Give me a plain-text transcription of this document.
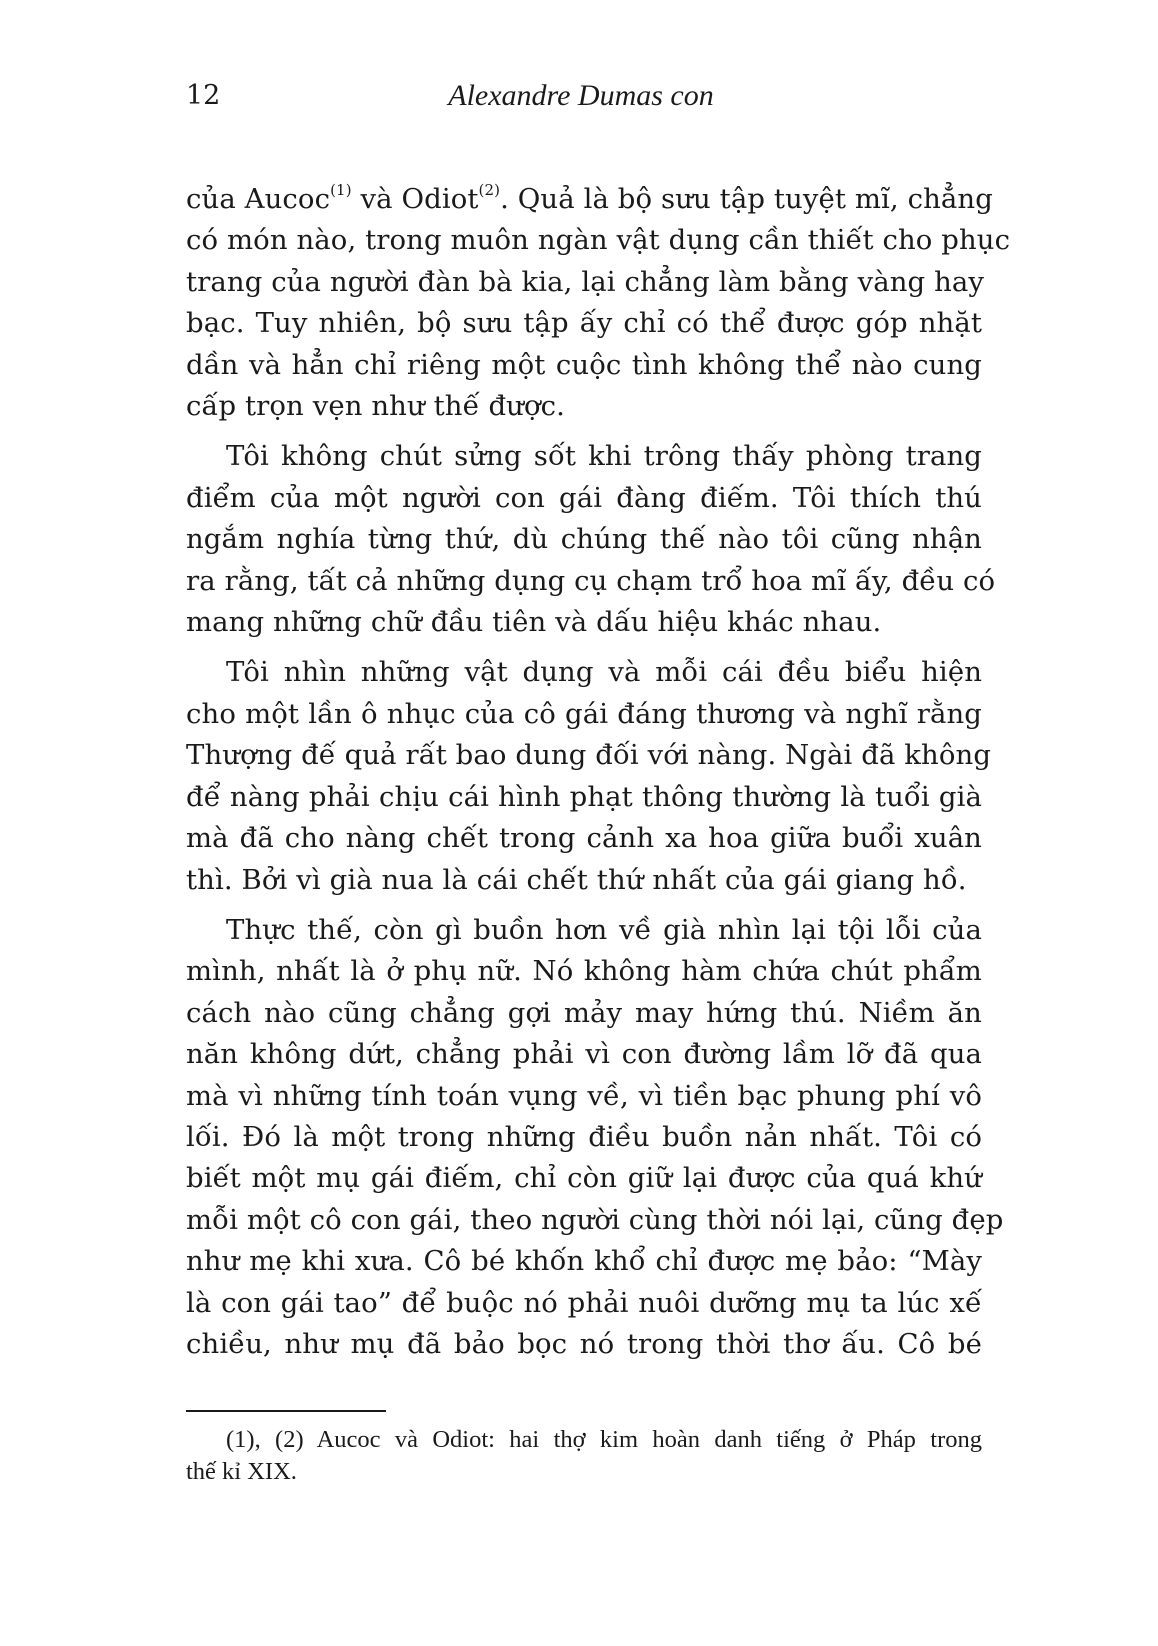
12	Alexandre Dumas con

của Aucoc$^{(1)}$ và Odiot$^{(2)}$. Quả là bộ sưu tập tuyệt mĩ, chẳng
có món nào, trong muôn ngàn vật dụng cần thiết cho phục
trang của người đàn bà kia, lại chẳng làm bằng vàng hay
bạc. Tuy nhiên, bộ sưu tập ấy chỉ có thể được góp nhặt
dần và hẳn chỉ riêng một cuộc tình không thể nào cung
cấp trọn vẹn như thế được.

Tôi không chút sửng sốt khi trông thấy phòng trang
điểm của một người con gái đàng điếm. Tôi thích thú
ngắm nghía từng thứ, dù chúng thế nào tôi cũng nhận
ra rằng, tất cả những dụng cụ chạm trổ hoa mĩ ấy, đều có
mang những chữ đầu tiên và dấu hiệu khác nhau.

Tôi nhìn những vật dụng và mỗi cái đều biểu hiện
cho một lần ô nhục của cô gái đáng thương và nghĩ rằng
Thượng đế quả rất bao dung đối với nàng. Ngài đã không
để nàng phải chịu cái hình phạt thông thường là tuổi già
mà đã cho nàng chết trong cảnh xa hoa giữa buổi xuân
thì. Bởi vì già nua là cái chết thứ nhất của gái giang hồ.

Thực thế, còn gì buồn hơn về già nhìn lại tội lỗi của
mình, nhất là ở phụ nữ. Nó không hàm chứa chút phẩm
cách nào cũng chẳng gợi mảy may hứng thú. Niềm ăn
năn không dứt, chẳng phải vì con đường lầm lỡ đã qua
mà vì những tính toán vụng về, vì tiền bạc phung phí vô
lối. Đó là một trong những điều buồn nản nhất. Tôi có
biết một mụ gái điếm, chỉ còn giữ lại được của quá khứ
mỗi một cô con gái, theo người cùng thời nói lại, cũng đẹp
như mẹ khi xưa. Cô bé khốn khổ chỉ được mẹ bảo: “Mày
là con gái tao” để buộc nó phải nuôi dưỡng mụ ta lúc xế
chiều, như mụ đã bảo bọc nó trong thời thơ ấu. Cô bé

(1), (2) Aucoc và Odiot: hai thợ kim hoàn danh tiếng ở Pháp trong
thế kỉ XIX.
